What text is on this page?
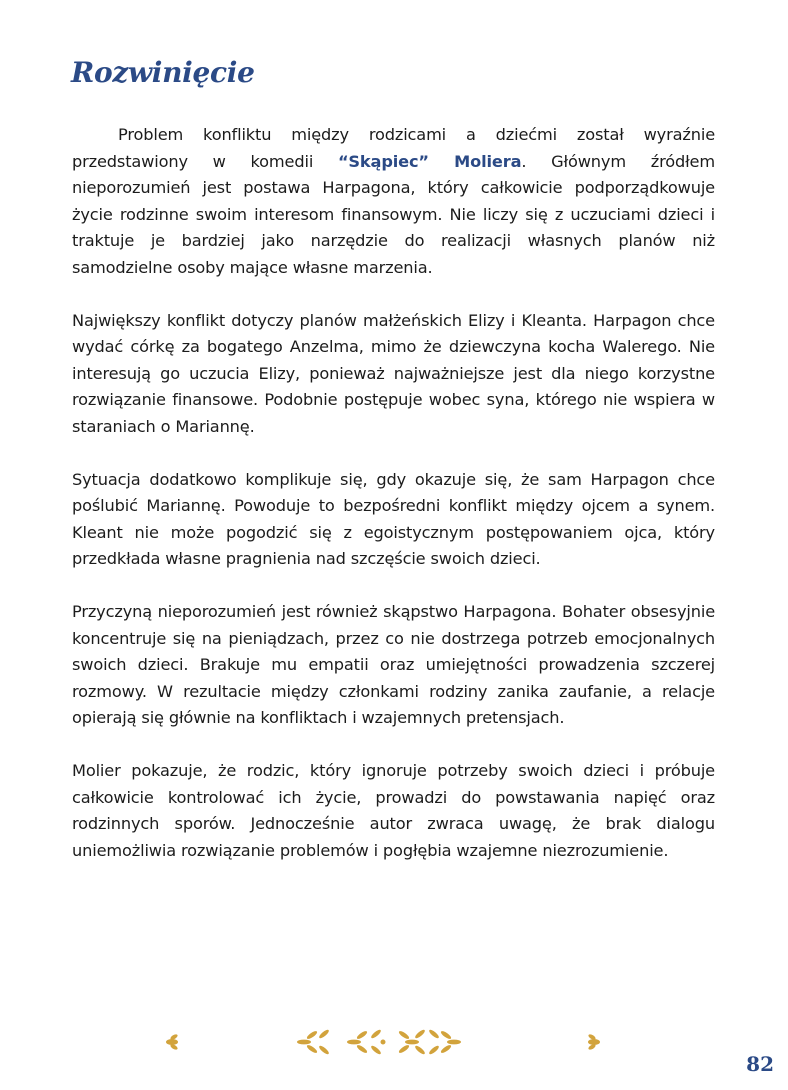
Rozwinięcie

Problem konfliktu między rodzicami a dziećmi został wyraźnie przedstawiony w komedii “Skąpiec” Moliera. Głównym źródłem nieporozumień jest postawa Harpagona, który całkowicie podporządkowuje życie rodzinne swoim interesom finansowym. Nie liczy się z uczuciami dzieci i traktuje je bardziej jako narzędzie do realizacji własnych planów niż samodzielne osoby mające własne marzenia.

Największy konflikt dotyczy planów małżeńskich Elizy i Kleanta. Harpagon chce wydać córkę za bogatego Anzelma, mimo że dziewczyna kocha Walerego. Nie interesują go uczucia Elizy, ponieważ najważniejsze jest dla niego korzystne rozwiązanie finansowe. Podobnie postępuje wobec syna, którego nie wspiera w staraniach o Mariannę.

Sytuacja dodatkowo komplikuje się, gdy okazuje się, że sam Harpagon chce poślubić Mariannę. Powoduje to bezpośredni konflikt między ojcem a synem. Kleant nie może pogodzić się z egoistycznym postępowaniem ojca, który przedkłada własne pragnienia nad szczęście swoich dzieci.

Przyczyną nieporozumień jest również skąpstwo Harpagona. Bohater obsesyjnie koncentruje się na pieniądzach, przez co nie dostrzega potrzeb emocjonalnych swoich dzieci. Brakuje mu empatii oraz umiejętności prowadzenia szczerej rozmowy. W rezultacie między członkami rodziny zanika zaufanie, a relacje opierają się głównie na konfliktach i wzajemnych pretensjach.

Molier pokazuje, że rodzic, który ignoruje potrzeby swoich dzieci i próbuje całkowicie kontrolować ich życie, prowadzi do powstawania napięć oraz rodzinnych sporów. Jednocześnie autor zwraca uwagę, że brak dialogu uniemożliwia rozwiązanie problemów i pogłębia wzajemne niezrozumienie.

82
